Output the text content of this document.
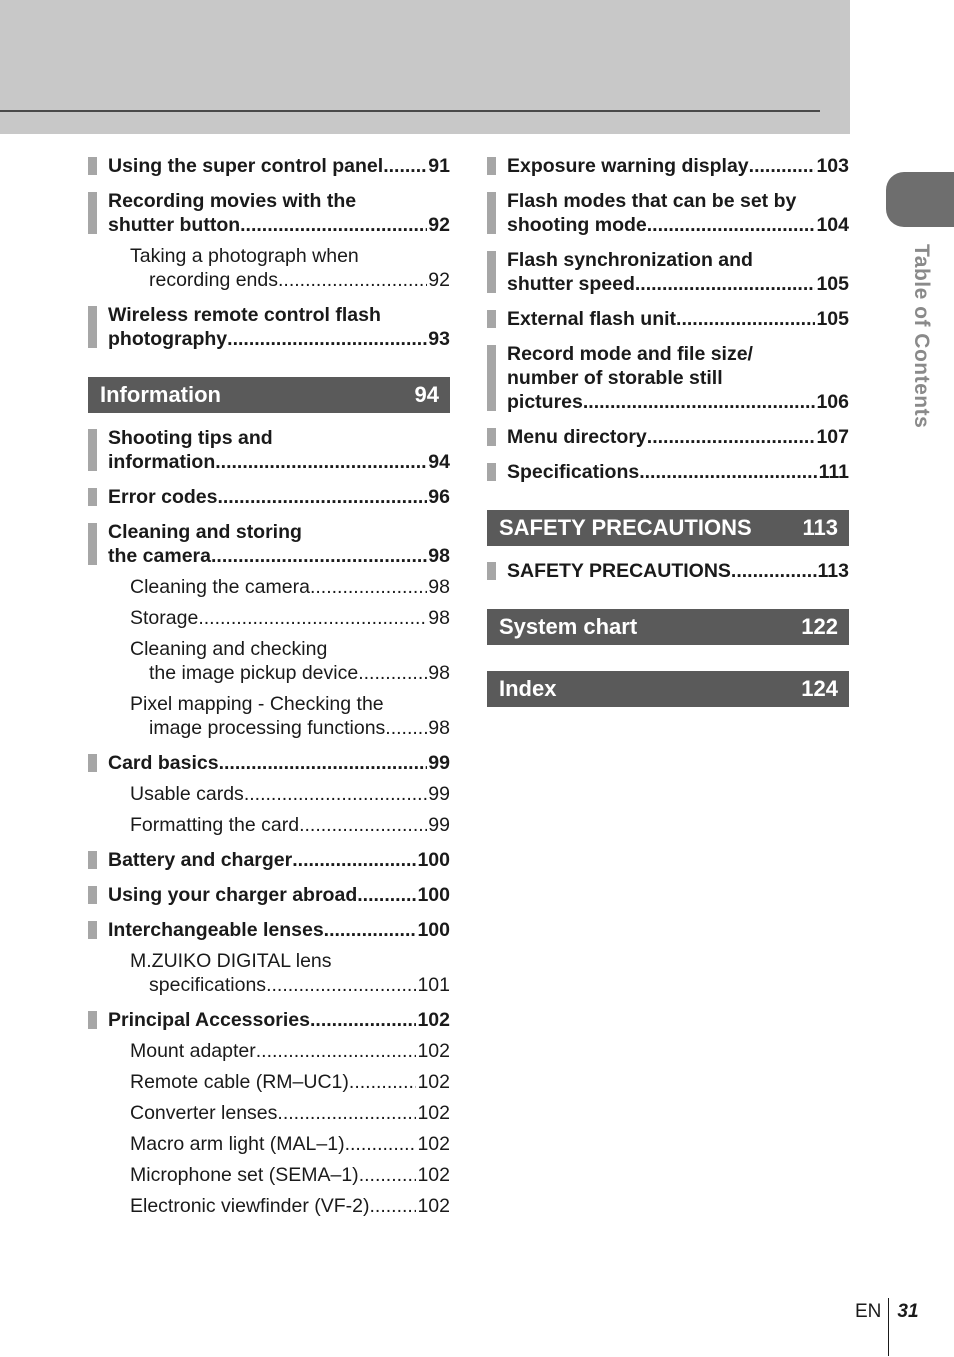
Table of Contents
Using the super control panel ..... 91
Recording movies with the
shutter button .....	92
Taking a photograph when
recording ends .....	92
Wireless remote control flash
photography .....	93
Information	94
Shooting tips and
information .....	94
Error codes .....	96
Cleaning and storing
the camera .....	98
Cleaning the camera .....	98
Storage .....	98
Cleaning and checking
the image pickup device .....	98
Pixel mapping - Checking the
image processing functions ..... 98
Card basics .....	99
Usable cards .....	99
Formatting the card .....	99
Battery and charger .....	100
Using your charger abroad .....	100
Interchangeable lenses .....	100
M.ZUIKO DIGITAL lens
specifications .....	101
Principal Accessories .....	102
Mount adapter .....	102
Remote cable (RM–UC1) .....	102
Converter lenses .....	102
Macro arm light (MAL–1) .....	102
Microphone set (SEMA–1) .....	102
Electronic viewfinder (VF-2) ..... 102
Exposure warning display .....	103
Flash modes that can be set by
shooting mode .....	104
Flash synchronization and
shutter speed .....	105
External flash unit .....	105
Record mode and file size/
number of storable still
pictures .....	106
Menu directory .....	107
Specifications .....	111
SAFETY PRECAUTIONS 113
SAFETY PRECAUTIONS .....	113
System chart	122
Index	124
EN 31
